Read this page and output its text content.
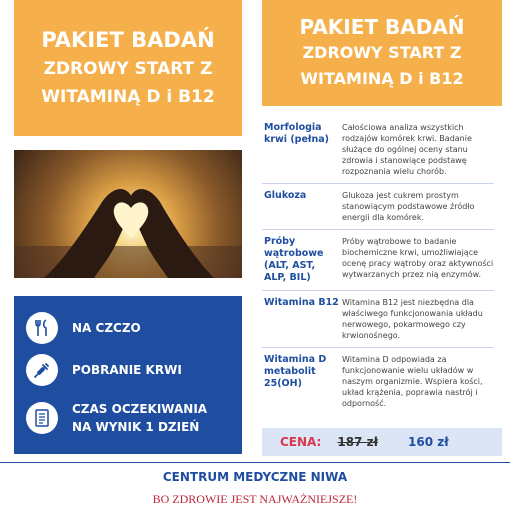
PAKIET BADAŃ
ZDROWY START Z
WITAMINĄ D i B12
NA CZCZO
POBRANIE KRWI
CZAS OCZEKIWANIA NA WYNIK 1 DZIEŃ
PAKIET BADAŃ
ZDROWY START Z
WITAMINĄ D i B12
Morfologia krwi (pełna)
Całościowa analiza wszystkich rodzajów komórek krwi. Badanie służące do ogólnej oceny stanu zdrowia i stanowiące podstawę rozpoznania wielu chorób.
Glukoza	Glukoza jest cukrem prostym stanowiącym podstawowe źródło energii dla komórek.
Próby wątrobowe (ALT, AST, ALP, BIL)
Próby wątrobowe to badanie biochemiczne krwi, umożliwiające ocenę pracy wątroby oraz aktywności wytwarzanych przez nią enzymów.
Witamina B12 Witamina B12 jest niezbędna dla właściwego funkcjonowania układu nerwowego, pokarmowego czy krwionośnego.
Witamina D metabolit 25(OH)
Witamina D odpowiada za funkcjonowanie wielu układów w naszym organizmie. Wspiera kości, układ krążenia, poprawia nastrój i odporność.
CENA: 187 zł	160 zł
CENTRUM MEDYCZNE NIWA
BO ZDROWIE JEST NAJWAŻNIEJSZE!
